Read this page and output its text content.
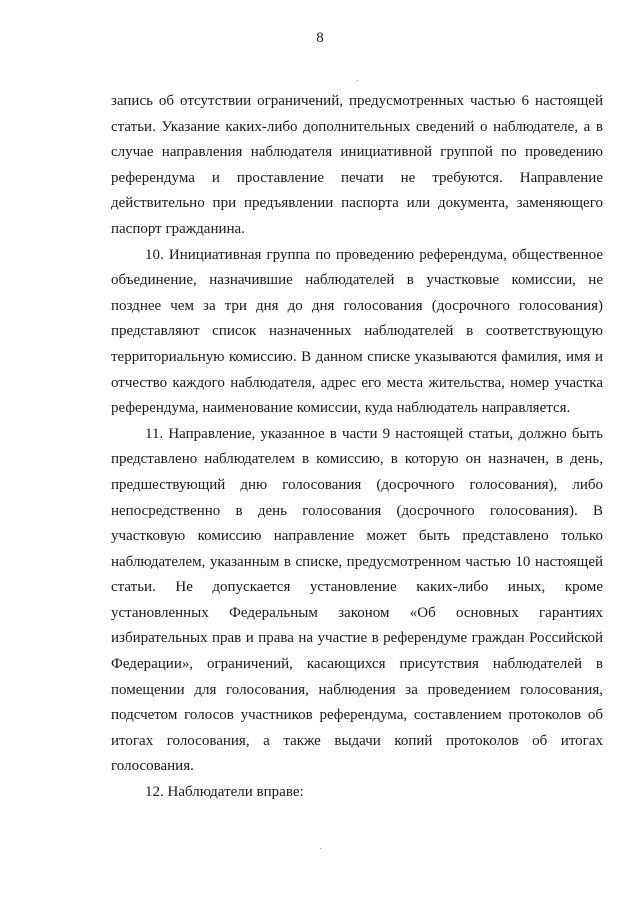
8

запись об отсутствии ограничений, предусмотренных частью 6 настоящей статьи. Указание каких-либо дополнительных сведений о наблюдателе, а в случае направления наблюдателя инициативной группой по проведению референдума и проставление печати не требуются. Направление действительно при предъявлении паспорта или документа, заменяющего паспорт гражданина.

10. Инициативная группа по проведению референдума, общественное объединение, назначившие наблюдателей в участковые комиссии, не позднее чем за три дня до дня голосования (досрочного голосования) представляют список назначенных наблюдателей в соответствующую территориальную комиссию. В данном списке указываются фамилия, имя и отчество каждого наблюдателя, адрес его места жительства, номер участка референдума, наименование комиссии, куда наблюдатель направляется.

11. Направление, указанное в части 9 настоящей статьи, должно быть представлено наблюдателем в комиссию, в которую он назначен, в день, предшествующий дню голосования (досрочного голосования), либо непосредственно в день голосования (досрочного голосования). В участковую комиссию направление может быть представлено только наблюдателем, указанным в списке, предусмотренном частью 10 настоящей статьи. Не допускается установление каких-либо иных, кроме установленных Федеральным законом «Об основных гарантиях избирательных прав и права на участие в референдуме граждан Российской Федерации», ограничений, касающихся присутствия наблюдателей в помещении для голосования, наблюдения за проведением голосования, подсчетом голосов участников референдума, составлением протоколов об итогах голосования, а также выдачи копий протоколов об итогах голосования.

12. Наблюдатели вправе:
